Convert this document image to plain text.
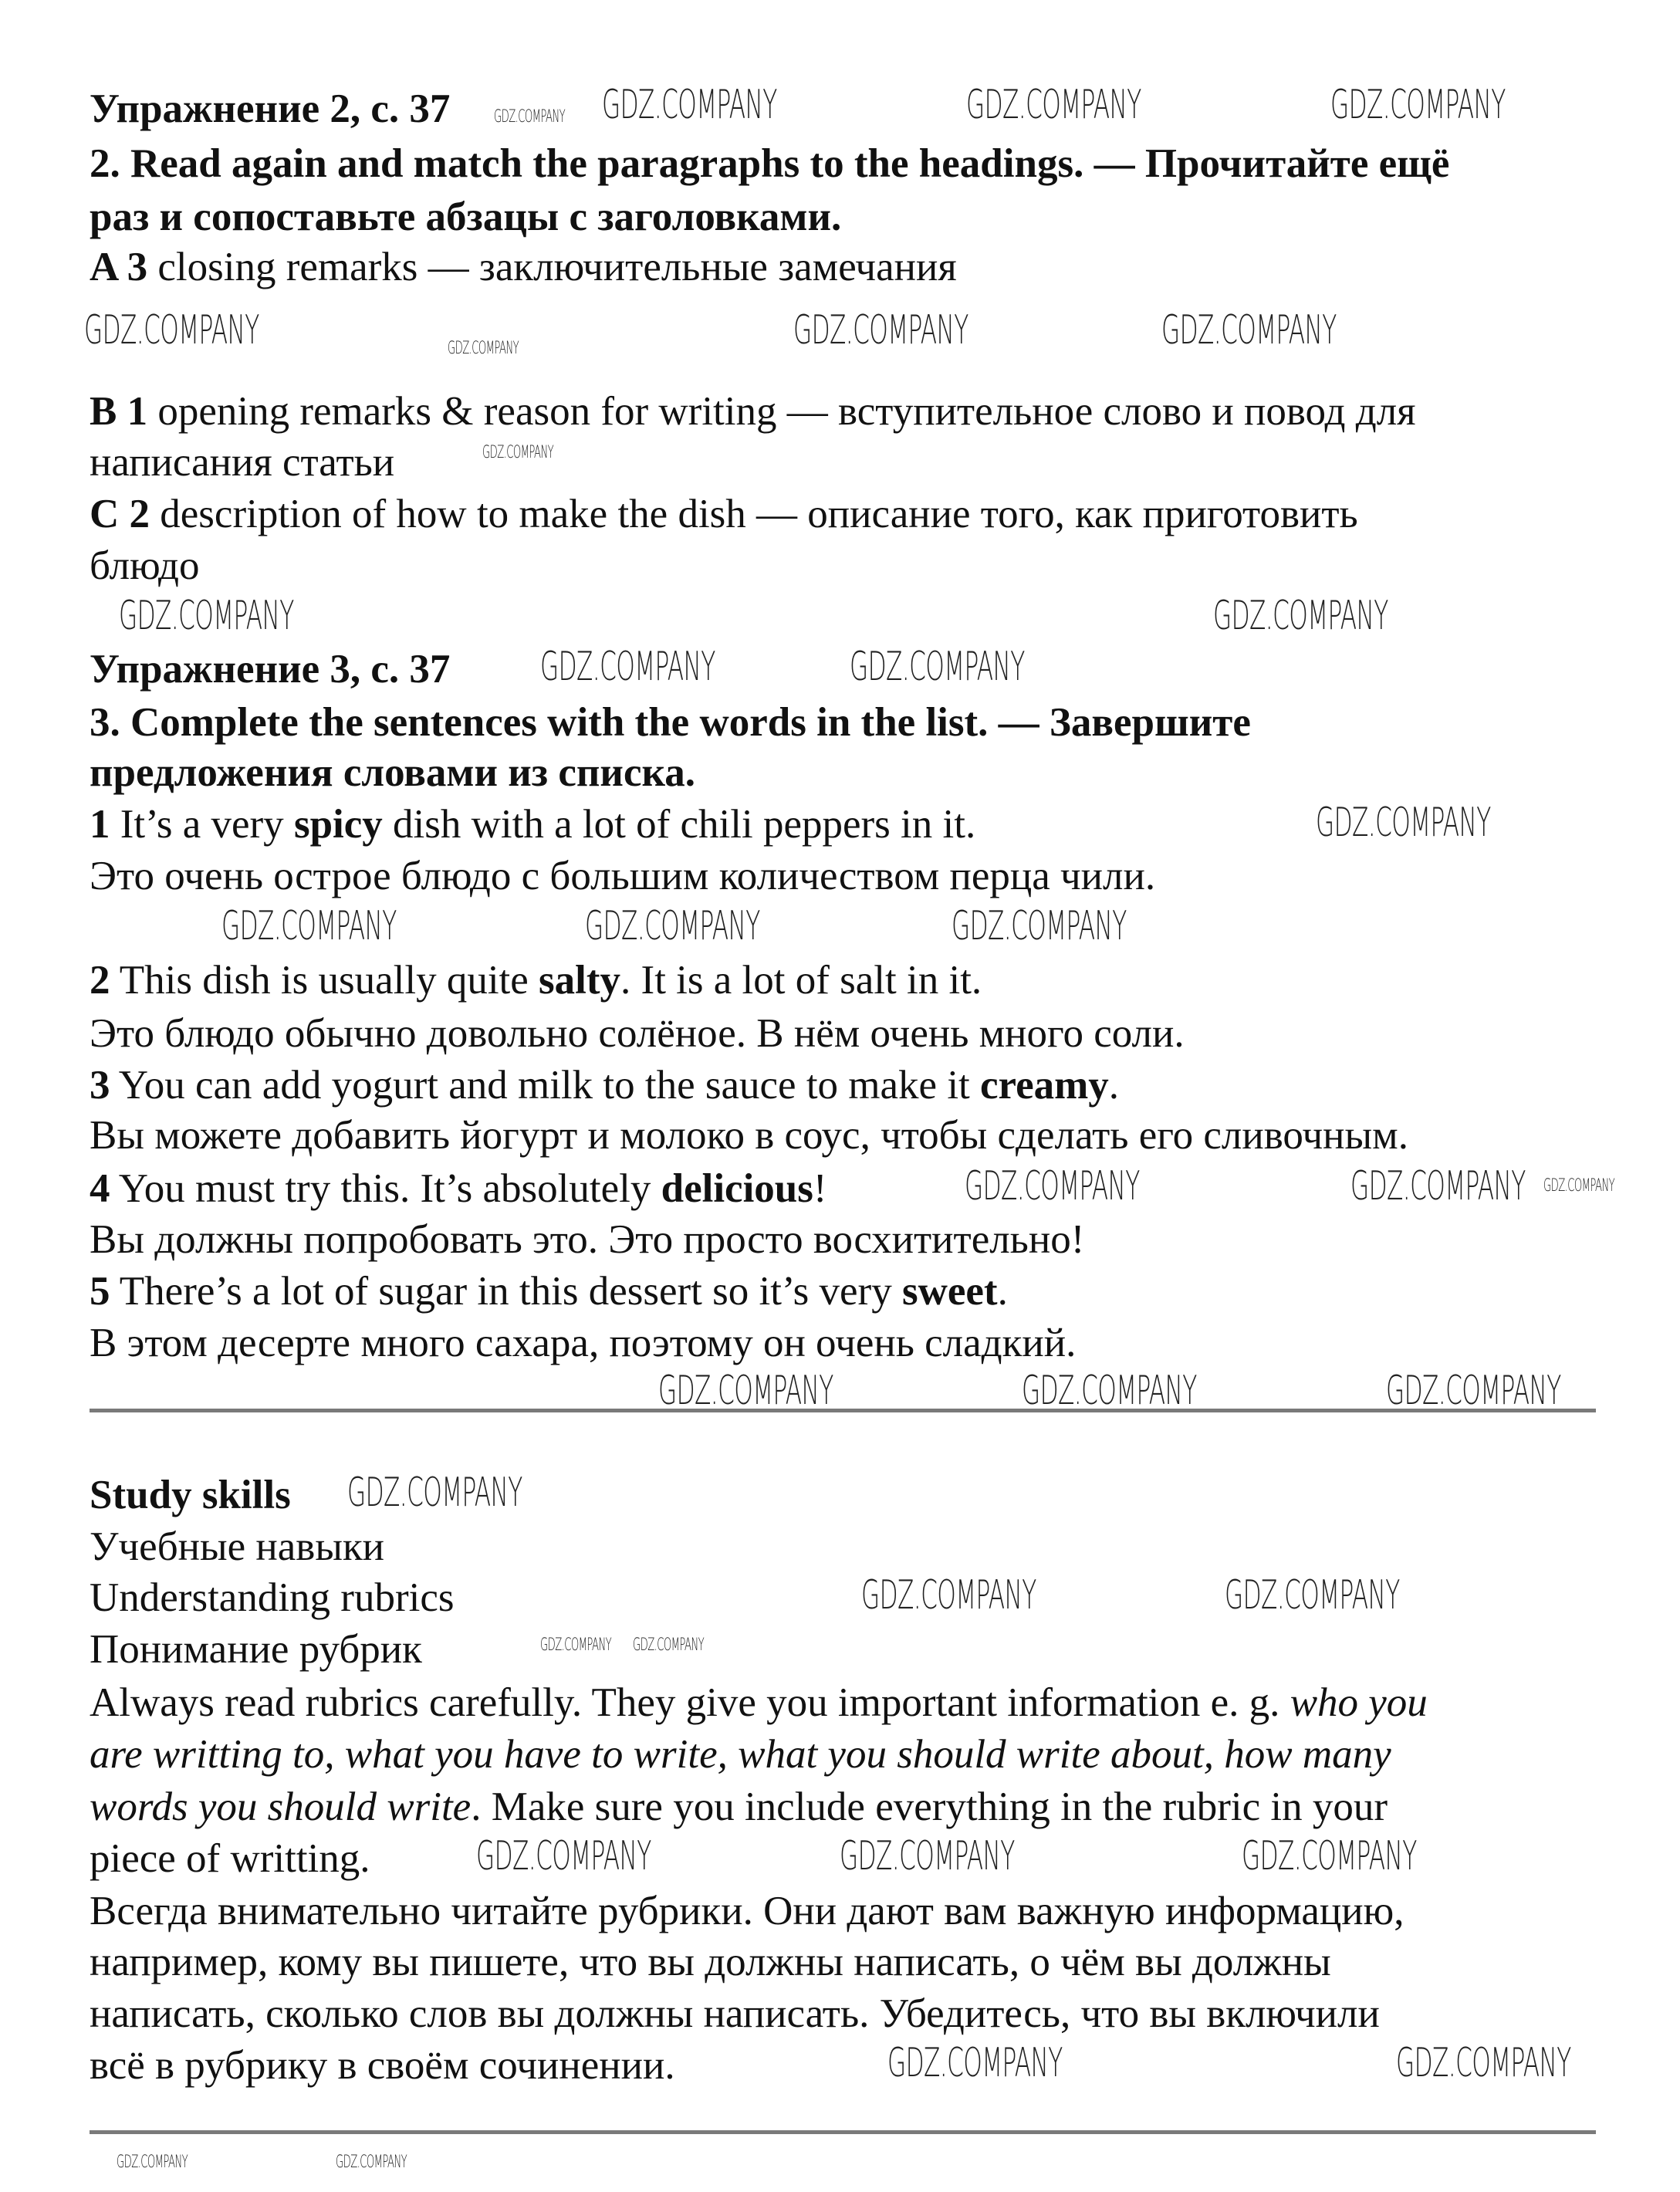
Упражнение 2, с. 37
2. Read again and match the paragraphs to the headings. — Прочитайте ещё
раз и сопоставьте абзацы с заголовками.
A 3 closing remarks — заключительные замечания
B 1 opening remarks & reason for writing — вступительное слово и повод для
написания статьи
C 2 description of how to make the dish — описание того, как приготовить
блюдо
Упражнение 3, с. 37
3. Complete the sentences with the words in the list. — Завершите
предложения словами из списка.
1 It’s a very spicy dish with a lot of chili peppers in it.
Это очень острое блюдо с большим количеством перца чили.
2 This dish is usually quite salty. It is a lot of salt in it.
Это блюдо обычно довольно солёное. В нём очень много соли.
3 You can add yogurt and milk to the sauce to make it creamy.
Вы можете добавить йогурт и молоко в соус, чтобы сделать его сливочным.
4 You must try this. It’s absolutely delicious!
Вы должны попробовать это. Это просто восхитительно!
5 There’s a lot of sugar in this dessert so it’s very sweet.
В этом десерте много сахара, поэтому он очень сладкий.
Study skills
Учебные навыки
Understanding rubrics
Понимание рубрик
Always read rubrics carefully. They give you important information e. g. who you
are writting to, what you have to write, what you should write about, how many
words you should write. Make sure you include everything in the rubric in your
piece of writting.
Всегда внимательно читайте рубрики. Они дают вам важную информацию,
например, кому вы пишете, что вы должны написать, о чём вы должны
написать, сколько слов вы должны написать. Убедитесь, что вы включили
всё в рубрику в своём сочинении.
GDZ.COMPANY	GDZ.COMPANY	GDZ.COMPANY
GDZ.COMPANY
GDZ.COMPANY
GDZ.COMPANY	GDZ.COMPANY
GDZ.COMPANY
GDZ.COMPANY
GDZ.COMPANY	GDZ.COMPANY
GDZ.COMPANY	GDZ.COMPANY
GDZ.COMPANY
GDZ.COMPANY	GDZ.COMPANY	GDZ.COMPANY
GDZ.COMPANY	GDZ.COMPANY GDZ.COMPANY
GDZ.COMPANY	GDZ.COMPANY	GDZ.COMPANY
GDZ.COMPANY
GDZ.COMPANY	GDZ.COMPANY
GDZ.COMPANY
GDZ.COMPANY	GDZ.COMPANY	GDZ.COMPANY
GDZ.COMPANY
GDZ.COMPANY	GDZ.COMPANY
GDZ.COMPANY	GDZ.COMPANY
